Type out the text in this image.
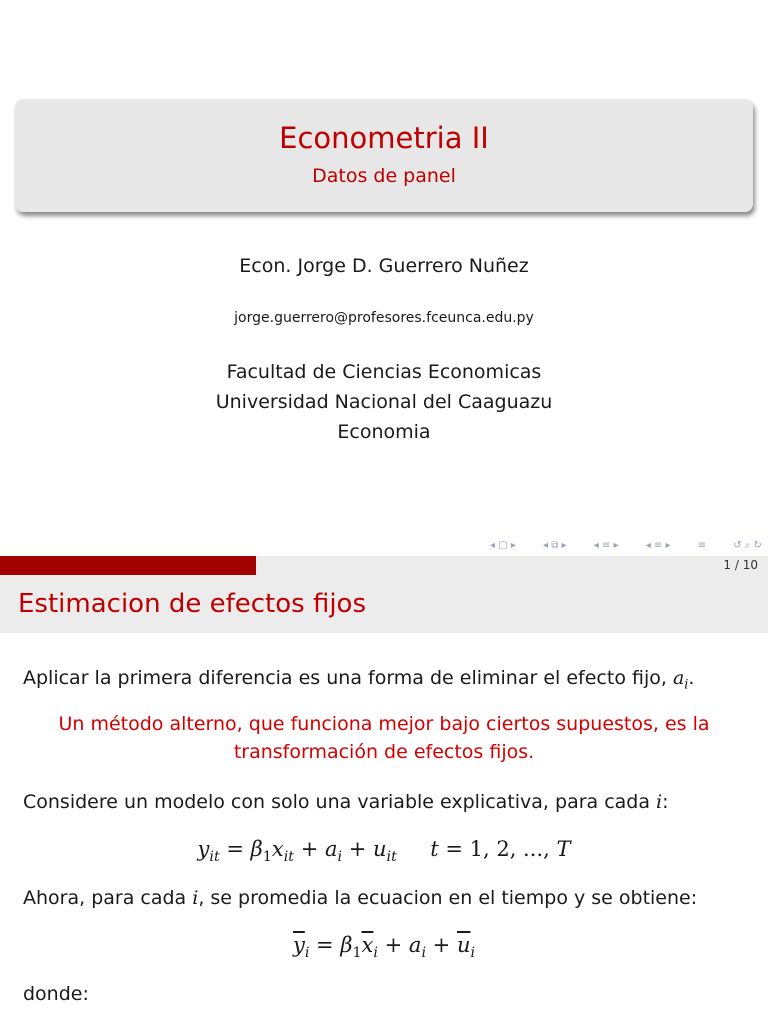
Econometria II
Datos de panel
Econ. Jorge D. Guerrero Nuñez
jorge.guerrero@profesores.fceunca.edu.py
Facultad de Ciencias Economicas
Universidad Nacional del Caaguazu
Economia
◂ ▢ ▸	◂ ⧉ ▸	◂ ≡ ▸	◂ ≡ ▸	≡	↺ ⌕ ↻
1 / 10
Estimacion de efectos fijos
Aplicar la primera diferencia es una forma de eliminar el efecto fijo, $a_i$.
Un método alterno, que funciona mejor bajo ciertos supuestos, es la transformación de efectos fijos.
Considere un modelo con solo una variable explicativa, para cada i:
$y_{it} = \beta_1x_{it} + a_i + u_{it}$ t = 1, 2, ..., T
Ahora, para cada i, se promedia la ecuacion en el tiempo y se obtiene:
$\overline{y}_i = \beta_1\overline{x}_i + a_i + \overline{u}_i$
donde:
